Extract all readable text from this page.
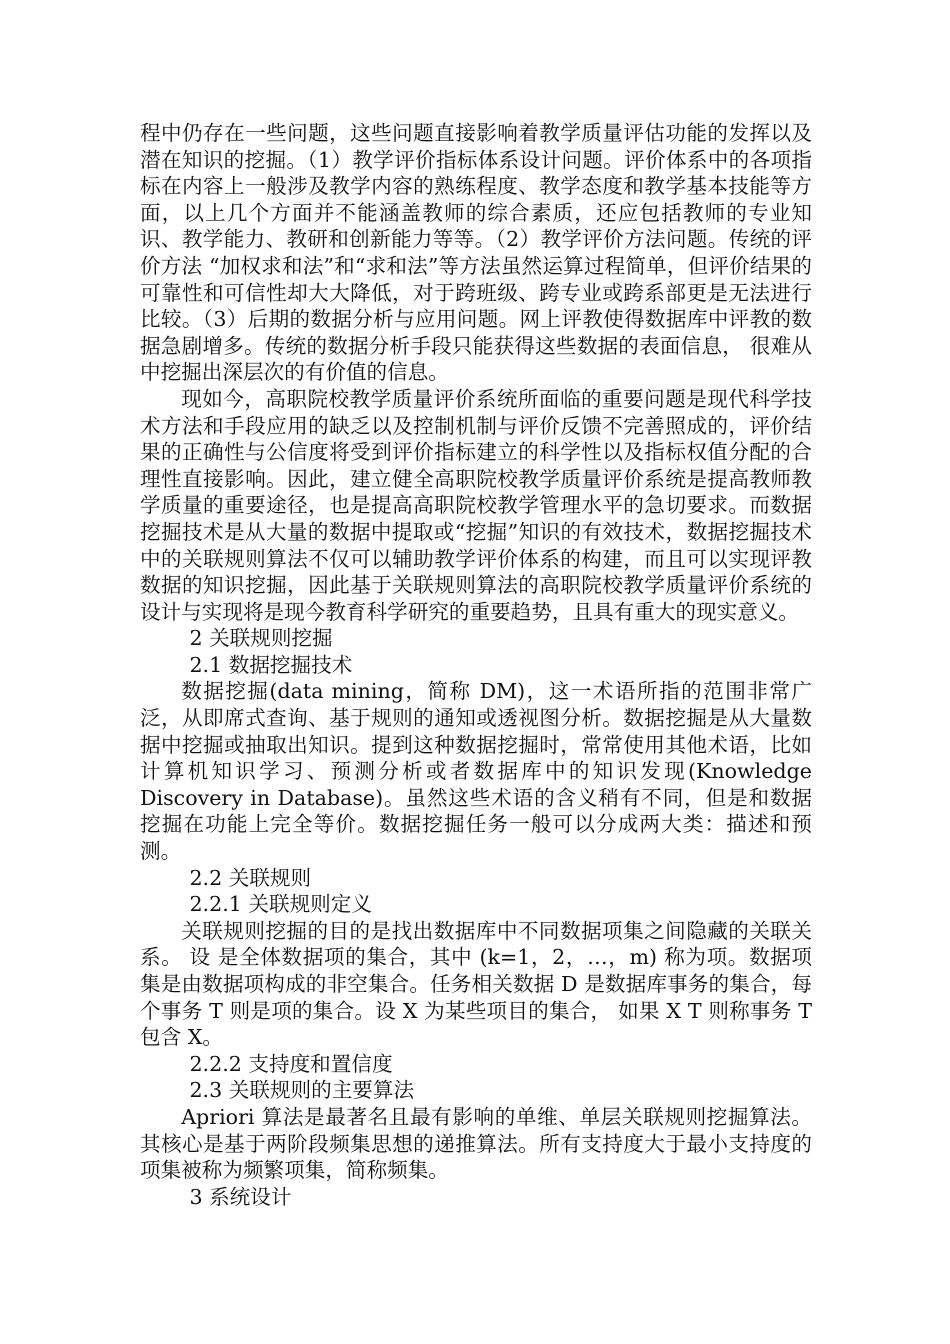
程中仍存在一些问题，这些问题直接影响着教学质量评估功能的发挥以及潜在知识的挖掘。（1）教学评价指标体系设计问题。评价体系中的各项指标在内容上一般涉及教学内容的熟练程度、教学态度和教学基本技能等方面，以上几个方面并不能涵盖教师的综合素质，还应包括教师的专业知识、教学能力、教研和创新能力等等。（2）教学评价方法问题。传统的评价方法 “加权求和法”和“求和法”等方法虽然运算过程简单，但评价结果的可靠性和可信性却大大降低，对于跨班级、跨专业或跨系部更是无法进行比较。（3）后期的数据分析与应用问题。网上评教使得数据库中评教的数据急剧增多。传统的数据分析手段只能获得这些数据的表面信息， 很难从中挖掘出深层次的有价值的信息。

现如今，高职院校教学质量评价系统所面临的重要问题是现代科学技术方法和手段应用的缺乏以及控制机制与评价反馈不完善照成的，评价结果的正确性与公信度将受到评价指标建立的科学性以及指标权值分配的合理性直接影响。因此，建立健全高职院校教学质量评价系统是提高教师教学质量的重要途径，也是提高高职院校教学管理水平的急切要求。而数据挖掘技术是从大量的数据中提取或“挖掘”知识的有效技术，数据挖掘技术中的关联规则算法不仅可以辅助教学评价体系的构建，而且可以实现评教数据的知识挖掘，因此基于关联规则算法的高职院校教学质量评价系统的设计与实现将是现今教育科学研究的重要趋势，且具有重大的现实意义。

2 关联规则挖掘

2.1 数据挖掘技术

数据挖掘(data mining，简称 DM)，这一术语所指的范围非常广泛，从即席式查询、基于规则的通知或透视图分析。数据挖掘是从大量数据中挖掘或抽取出知识。提到这种数据挖掘时，常常使用其他术语，比如计算机知识学习、预测分析或者数据库中的知识发现(Knowledge Discovery in Database)。虽然这些术语的含义稍有不同，但是和数据挖掘在功能上完全等价。数据挖掘任务一般可以分成两大类：描述和预测。

2.2 关联规则

2.2.1 关联规则定义

关联规则挖掘的目的是找出数据库中不同数据项集之间隐藏的关联关系。 设 是全体数据项的集合，其中 (k=1，2，…，m) 称为项。数据项集是由数据项构成的非空集合。任务相关数据 D 是数据库事务的集合，每个事务 T 则是项的集合。设 X 为某些项目的集合， 如果 X T 则称事务 T 包含 X。

2.2.2 支持度和置信度

2.3 关联规则的主要算法

Apriori 算法是最著名且最有影响的单维、单层关联规则挖掘算法。其核心是基于两阶段频集思想的递推算法。所有支持度大于最小支持度的项集被称为频繁项集，简称频集。

3 系统设计
